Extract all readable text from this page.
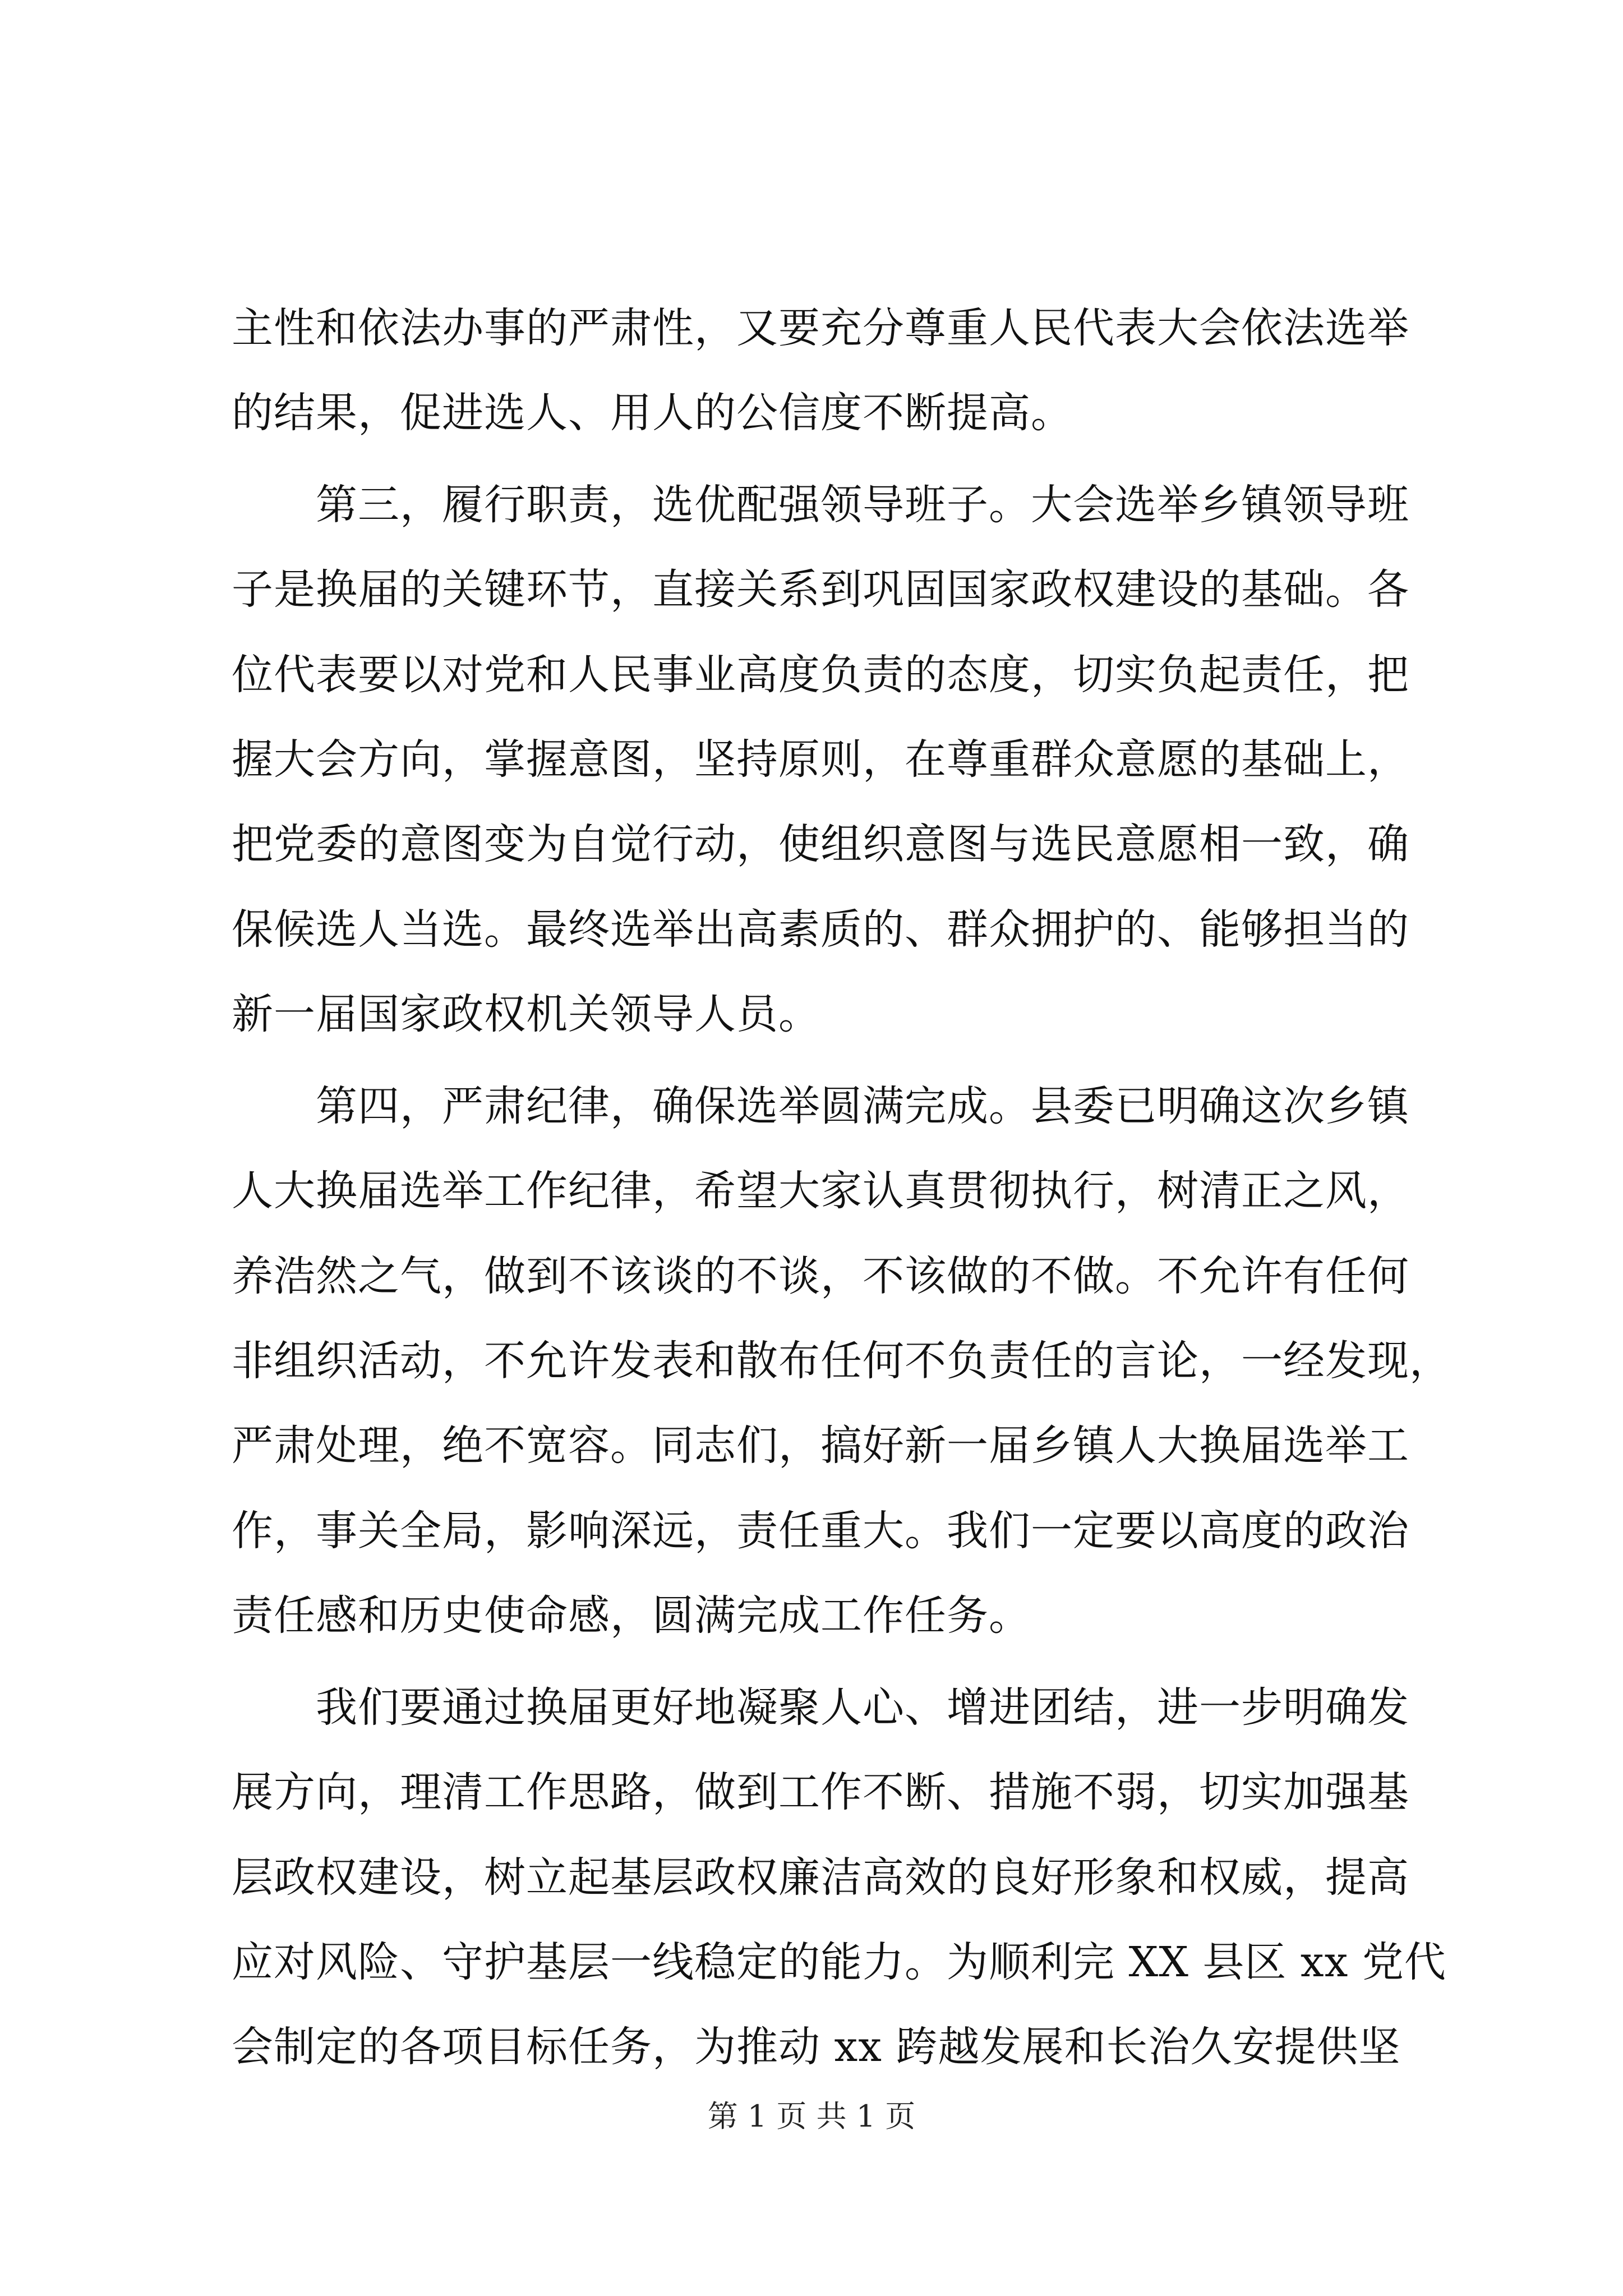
主性和依法办事的严肃性，又要充分尊重人民代表大会依法选举
的结果，促进选人、用人的公信度不断提高。
　　第三，履行职责，选优配强领导班子。大会选举乡镇领导班
子是换届的关键环节，直接关系到巩固国家政权建设的基础。各
位代表要以对党和人民事业高度负责的态度，切实负起责任，把
握大会方向，掌握意图，坚持原则，在尊重群众意愿的基础上，
把党委的意图变为自觉行动，使组织意图与选民意愿相一致，确
保候选人当选。最终选举出高素质的、群众拥护的、能够担当的
新一届国家政权机关领导人员。
　　第四，严肃纪律，确保选举圆满完成。县委已明确这次乡镇
人大换届选举工作纪律，希望大家认真贯彻执行，树清正之风，
养浩然之气，做到不该谈的不谈，不该做的不做。不允许有任何
非组织活动，不允许发表和散布任何不负责任的言论，一经发现，
严肃处理，绝不宽容。同志们，搞好新一届乡镇人大换届选举工
作，事关全局，影响深远，责任重大。我们一定要以高度的政治
责任感和历史使命感，圆满完成工作任务。
　　我们要通过换届更好地凝聚人心、增进团结，进一步明确发
展方向，理清工作思路，做到工作不断、措施不弱，切实加强基
层政权建设，树立起基层政权廉洁高效的良好形象和权威，提高
应对风险、守护基层一线稳定的能力。为顺利完 XX 县区 xx 党代
会制定的各项目标任务，为推动 xx 跨越发展和长治久安提供坚
第 1 页 共 1 页
